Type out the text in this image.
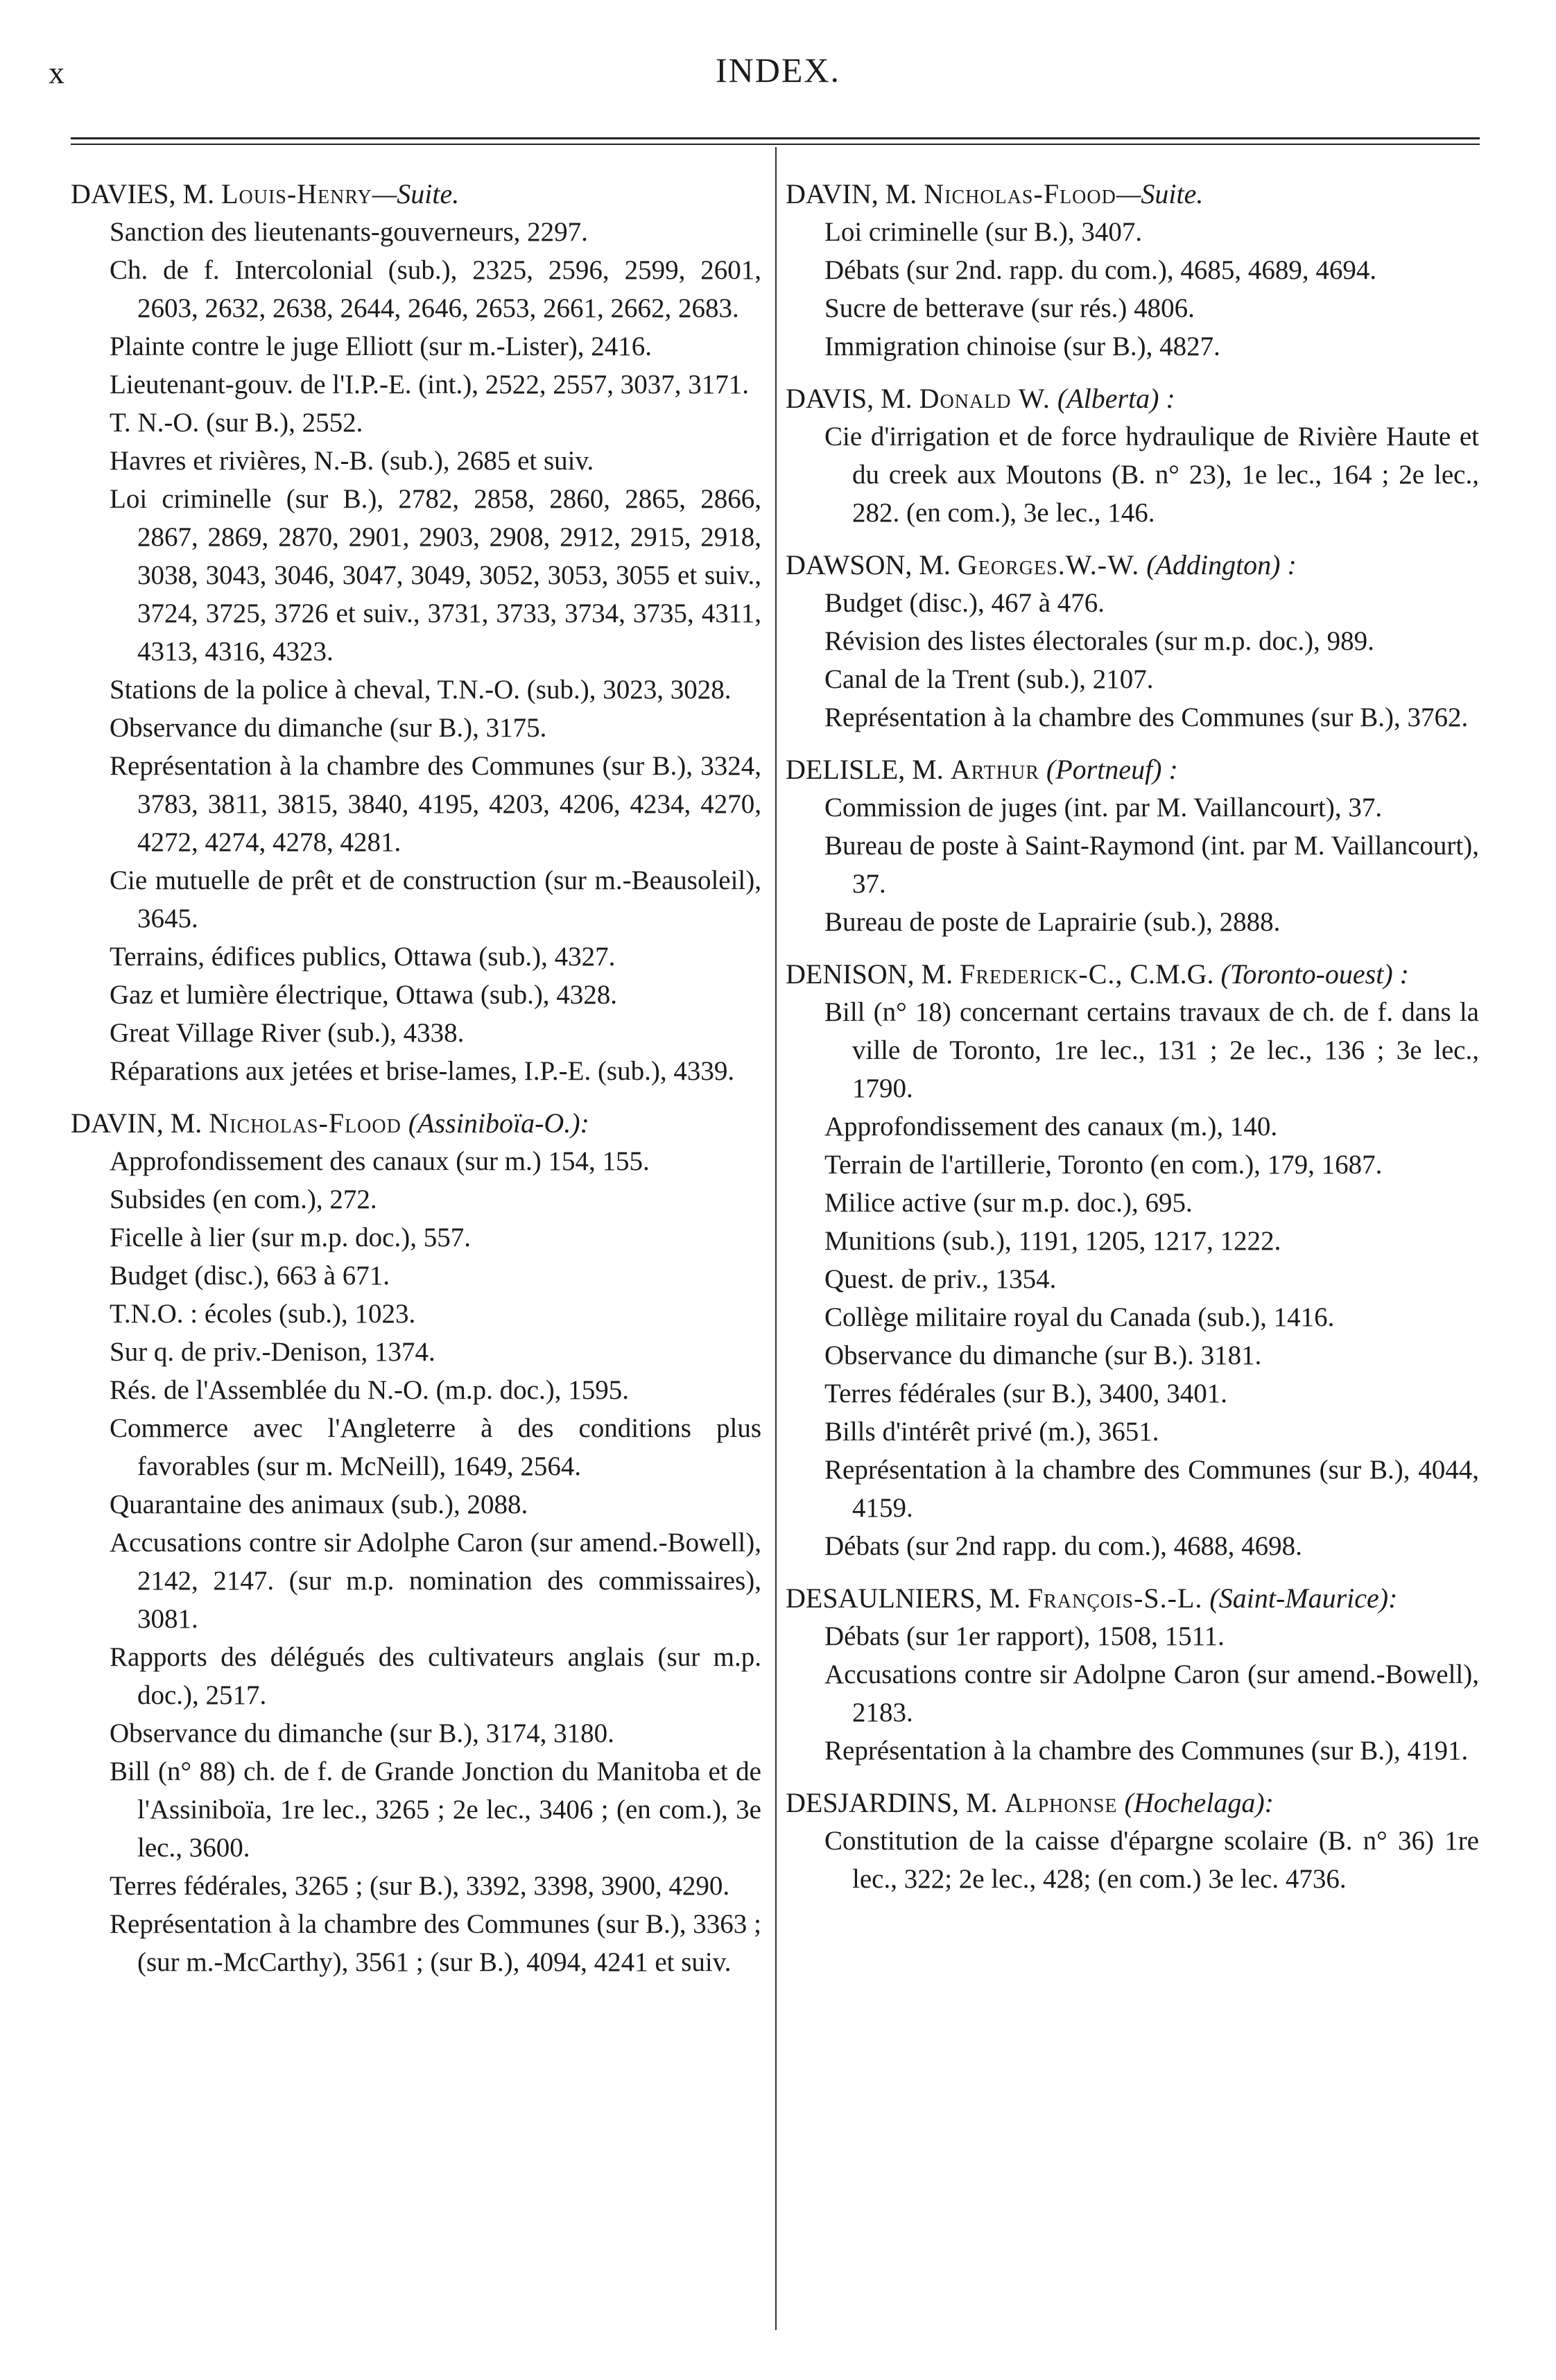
x	INDEX.
DAVIES, M. Louis-Henry—Suite.
Sanction des lieutenants-gouverneurs, 2297.
Ch. de f. Intercolonial (sub.), 2325, 2596, 2599, 2601, 2603, 2632, 2638, 2644, 2646, 2653, 2661, 2662, 2683.
Plainte contre le juge Elliott (sur m.-Lister), 2416.
Lieutenant-gouv. de l'I.P.-E. (int.), 2522, 2557, 3037, 3171.
T. N.-O. (sur B.), 2552.
Havres et rivières, N.-B. (sub.), 2685 et suiv.
Loi criminelle (sur B.), 2782, 2858, 2860, 2865, 2866, 2867, 2869, 2870, 2901, 2903, 2908, 2912, 2915, 2918, 3038, 3043, 3046, 3047, 3049, 3052, 3053, 3055 et suiv., 3724, 3725, 3726 et suiv., 3731, 3733, 3734, 3735, 4311, 4313, 4316, 4323.
Stations de la police à cheval, T.N.-O. (sub.), 3023, 3028.
Observance du dimanche (sur B.), 3175.
Représentation à la chambre des Communes (sur B.), 3324, 3783, 3811, 3815, 3840, 4195, 4203, 4206, 4234, 4270, 4272, 4274, 4278, 4281.
Cie mutuelle de prêt et de construction (sur m.-Beausoleil), 3645.
Terrains, édifices publics, Ottawa (sub.), 4327.
Gaz et lumière électrique, Ottawa (sub.), 4328.
Great Village River (sub.), 4338.
Réparations aux jetées et brise-lames, I.P.-E. (sub.), 4339.
DAVIN, M. Nicholas-Flood (Assiniboïa-O.):
Approfondissement des canaux (sur m.) 154, 155.
Subsides (en com.), 272.
Ficelle à lier (sur m.p. doc.), 557.
Budget (disc.), 663 à 671.
T.N.O. : écoles (sub.), 1023.
Sur q. de priv.-Denison, 1374.
Rés. de l'Assemblée du N.-O. (m.p. doc.), 1595.
Commerce avec l'Angleterre à des conditions plus favorables (sur m. McNeill), 1649, 2564.
Quarantaine des animaux (sub.), 2088.
Accusations contre sir Adolphe Caron (sur amend.-Bowell), 2142, 2147. (sur m.p. nomination des commissaires), 3081.
Rapports des délégués des cultivateurs anglais (sur m.p. doc.), 2517.
Observance du dimanche (sur B.), 3174, 3180.
Bill (n° 88) ch. de f. de Grande Jonction du Manitoba et de l'Assiniboïa, 1re lec., 3265 ; 2e lec., 3406 ; (en com.), 3e lec., 3600.
Terres fédérales, 3265 ; (sur B.), 3392, 3398, 3900, 4290.
Représentation à la chambre des Communes (sur B.), 3363 ; (sur m.-McCarthy), 3561 ; (sur B.), 4094, 4241 et suiv.
DAVIN, M. Nicholas-Flood—Suite.
Loi criminelle (sur B.), 3407.
Débats (sur 2nd. rapp. du com.), 4685, 4689, 4694.
Sucre de betterave (sur rés.) 4806.
Immigration chinoise (sur B.), 4827.
DAVIS, M. Donald W. (Alberta) :
Cie d'irrigation et de force hydraulique de Rivière Haute et du creek aux Moutons (B. n° 23), 1e lec., 164 ; 2e lec., 282. (en com.), 3e lec., 146.
DAWSON, M. Georges.W.-W. (Addington) :
Budget (disc.), 467 à 476.
Révision des listes électorales (sur m.p. doc.), 989.
Canal de la Trent (sub.), 2107.
Représentation à la chambre des Communes (sur B.), 3762.
DELISLE, M. Arthur (Portneuf) :
Commission de juges (int. par M. Vaillancourt), 37.
Bureau de poste à Saint-Raymond (int. par M. Vaillancourt), 37.
Bureau de poste de Laprairie (sub.), 2888.
DENISON, M. Frederick-C., C.M.G. (Toronto-ouest) :
Bill (n° 18) concernant certains travaux de ch. de f. dans la ville de Toronto, 1re lec., 131 ; 2e lec., 136 ; 3e lec., 1790.
Approfondissement des canaux (m.), 140.
Terrain de l'artillerie, Toronto (en com.), 179, 1687.
Milice active (sur m.p. doc.), 695.
Munitions (sub.), 1191, 1205, 1217, 1222.
Quest. de priv., 1354.
Collège militaire royal du Canada (sub.), 1416.
Observance du dimanche (sur B.). 3181.
Terres fédérales (sur B.), 3400, 3401.
Bills d'intérêt privé (m.), 3651.
Représentation à la chambre des Communes (sur B.), 4044, 4159.
Débats (sur 2nd rapp. du com.), 4688, 4698.
DESAULNIERS, M. François-S.-L. (Saint-Maurice):
Débats (sur 1er rapport), 1508, 1511.
Accusations contre sir Adolpne Caron (sur amend.-Bowell), 2183.
Représentation à la chambre des Communes (sur B.), 4191.
DESJARDINS, M. Alphonse (Hochelaga):
Constitution de la caisse d'épargne scolaire (B. n° 36) 1re lec., 322; 2e lec., 428; (en com.) 3e lec. 4736.
